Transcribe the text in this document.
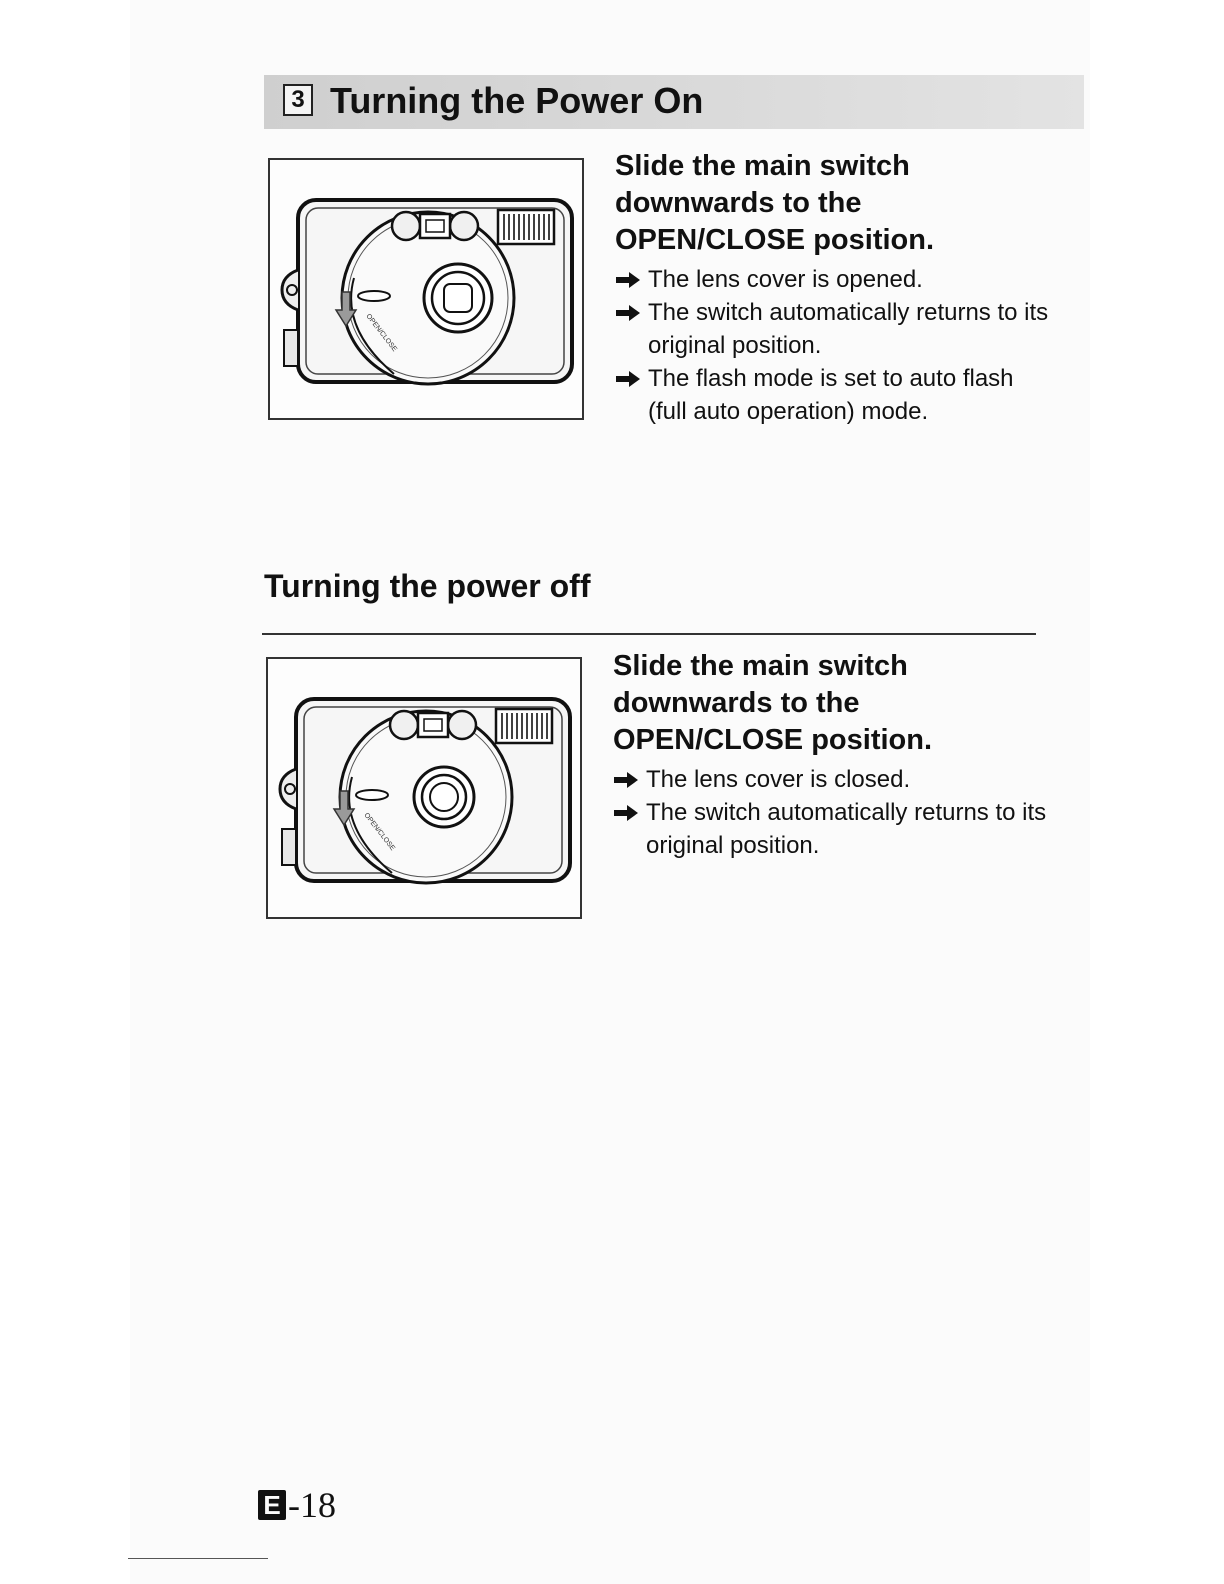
3 Turning the Power On
OPEN/CLOSE
Slide the main switch downwards to the OPEN/CLOSE position.
The lens cover is opened.
The switch automatically returns to its original position.
The flash mode is set to auto flash (full auto operation) mode.
Turning the power off
OPEN/CLOSE
Slide the main switch downwards to the OPEN/CLOSE position.
The lens cover is closed.
The switch automatically returns to its original position.
E -18
